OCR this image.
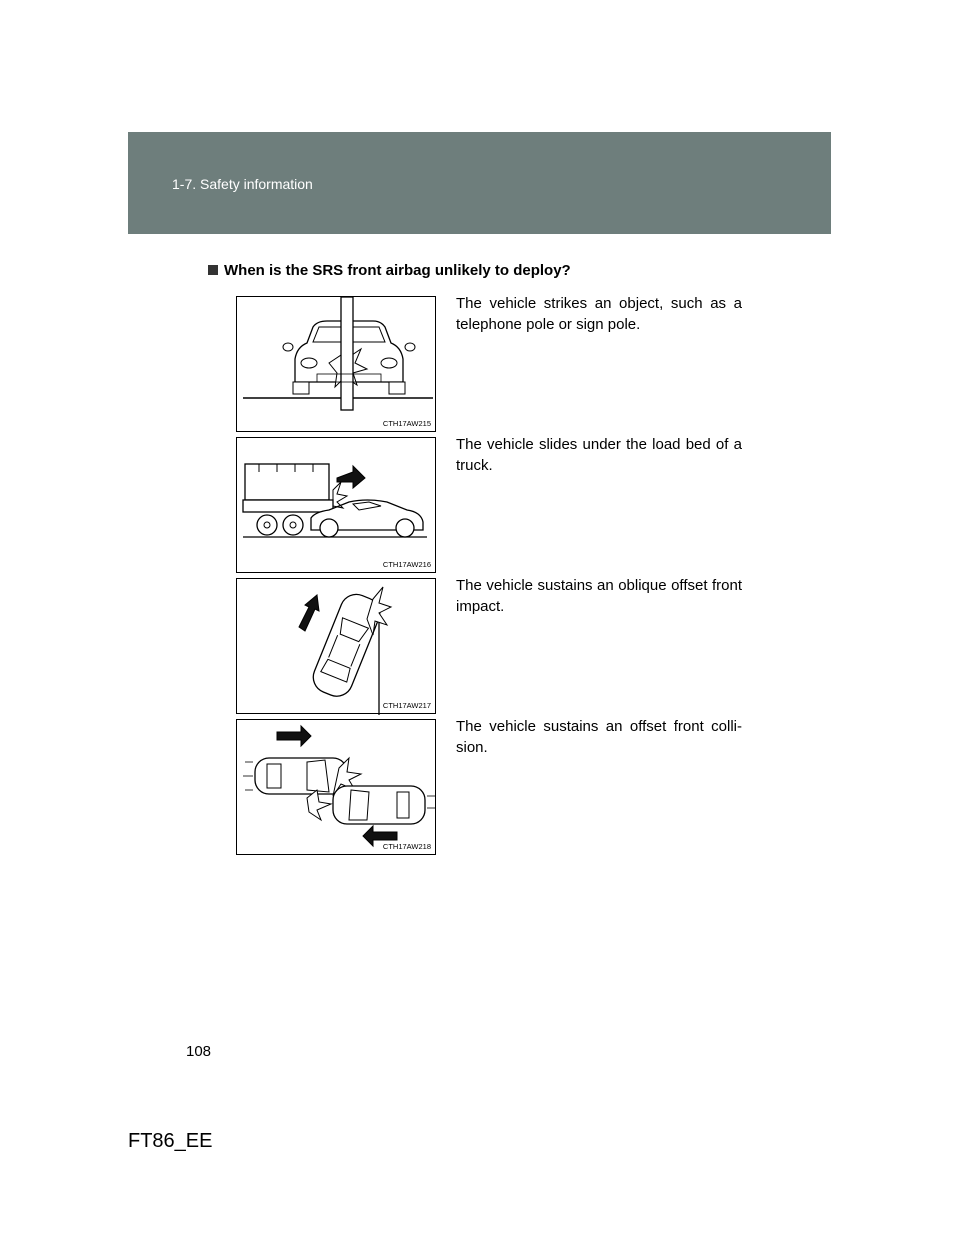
1-7. Safety information
When is the SRS front airbag unlikely to deploy?
CTH17AW215
The vehicle strikes an object, such as a telephone pole or sign pole.
CTH17AW216
The vehicle slides under the load bed of a truck.
CTH17AW217
The vehicle sustains an oblique offset front impact.
CTH17AW218
The vehicle sustains an offset front colli-sion.
108
FT86_EE
